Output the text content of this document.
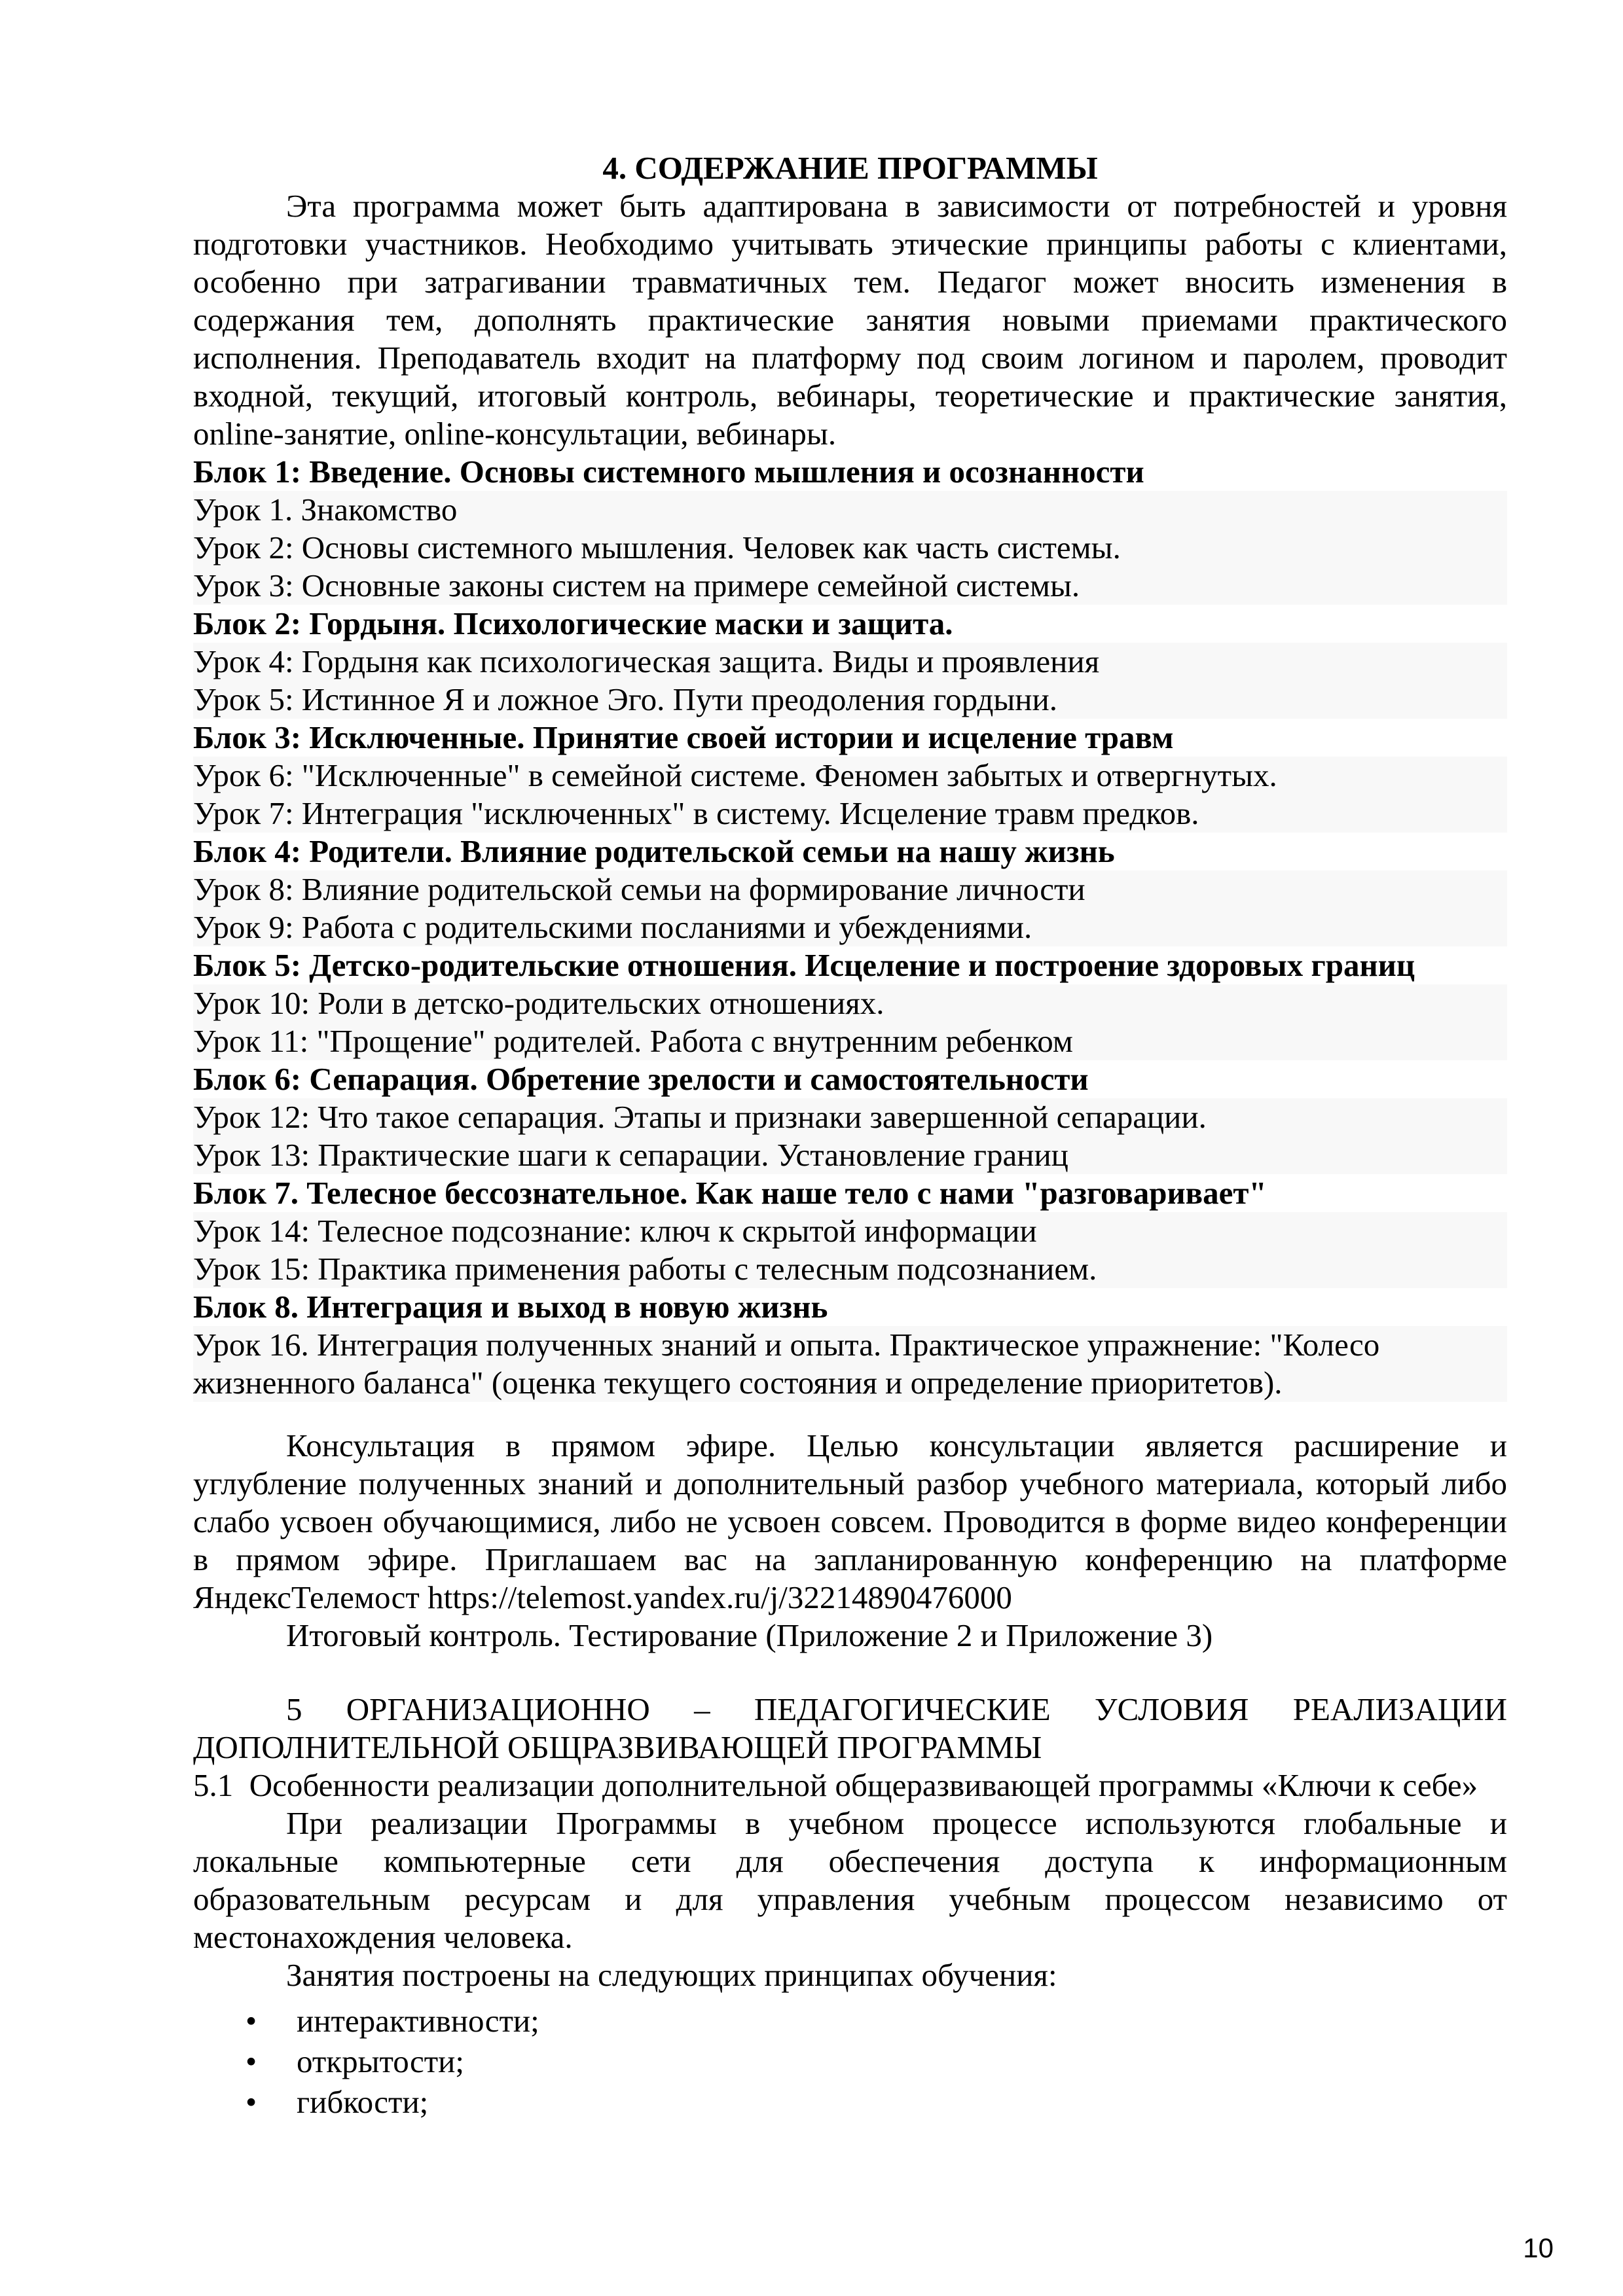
4. СОДЕРЖАНИЕ ПРОГРАММЫ
Эта программа может быть адаптирована в зависимости от потребностей и уровня
подготовки участников. Необходимо учитывать этические принципы работы с клиентами,
особенно при затрагивании травматичных тем. Педагог может вносить изменения в
содержания тем, дополнять практические занятия новыми приемами практического
исполнения. Преподаватель входит на платформу под своим логином и паролем, проводит
входной, текущий, итоговый контроль, вебинары, теоретические и практические занятия,
online-занятие, online-консультации, вебинары.
Блок 1: Введение. Основы системного мышления и осознанности
Урок 1. Знакомство
Урок 2: Основы системного мышления. Человек как часть системы.
Урок 3: Основные законы систем на примере семейной системы.
Блок 2: Гордыня. Психологические маски и защита.
Урок 4: Гордыня как психологическая защита. Виды и проявления
Урок 5: Истинное Я и ложное Эго. Пути преодоления гордыни.
Блок 3: Исключенные. Принятие своей истории и исцеление травм
Урок 6: "Исключенные" в семейной системе. Феномен забытых и отвергнутых.
Урок 7: Интеграция "исключенных" в систему. Исцеление травм предков.
Блок 4: Родители. Влияние родительской семьи на нашу жизнь
Урок 8: Влияние родительской семьи на формирование личности
Урок 9: Работа с родительскими посланиями и убеждениями.
Блок 5: Детско-родительские отношения. Исцеление и построение здоровых границ
Урок 10: Роли в детско-родительских отношениях.
Урок 11: "Прощение" родителей. Работа с внутренним ребенком
Блок 6: Сепарация. Обретение зрелости и самостоятельности
Урок 12: Что такое сепарация. Этапы и признаки завершенной сепарации.
Урок 13: Практические шаги к сепарации. Установление границ
Блок 7. Телесное бессознательное. Как наше тело с нами "разговаривает"
Урок 14: Телесное подсознание: ключ к скрытой информации
Урок 15: Практика применения работы с телесным подсознанием.
Блок 8. Интеграция и выход в новую жизнь
Урок 16. Интеграция полученных знаний и опыта. Практическое упражнение: "Колесо жизненного баланса" (оценка текущего состояния и определение приоритетов).
Консультация в прямом эфире. Целью консультации является расширение и
углубление полученных знаний и дополнительный разбор учебного материала, который либо
слабо усвоен обучающимися, либо не усвоен совсем. Проводится в форме видео конференции
в прямом эфире. Приглашаем вас на запланированную конференцию на платформе
ЯндексТелемост https://telemost.yandex.ru/j/32214890476000
Итоговый контроль. Тестирование (Приложение 2 и Приложение 3)
5 ОРГАНИЗАЦИОННО – ПЕДАГОГИЧЕСКИЕ УСЛОВИЯ РЕАЛИЗАЦИИ
ДОПОЛНИТЕЛЬНОЙ ОБЩРАЗВИВАЮЩЕЙ ПРОГРАММЫ
5.1  Особенности реализации дополнительной общеразвивающей программы «Ключи к себе»
При реализации Программы в учебном процессе используются глобальные и
локальные компьютерные сети для обеспечения доступа к информационным
образовательным ресурсам и для управления учебным процессом независимо от
местонахождения человека.
Занятия построены на следующих принципах обучения:
• интерактивности;
• открытости;
• гибкости;
10
